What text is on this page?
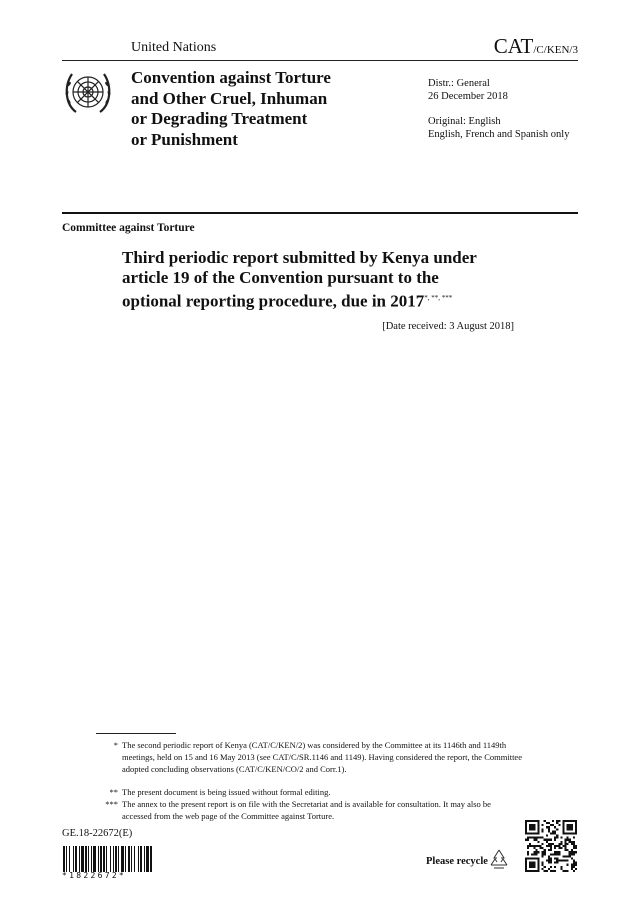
United Nations	CAT/C/KEN/3
Convention against Torture
and Other Cruel, Inhuman
or Degrading Treatment
or Punishment
Distr.: General
26 December 2018
Original: English
English, French and Spanish only
Committee against Torture
Third periodic report submitted by Kenya under
article 19 of the Convention pursuant to the
optional reporting procedure, due in 2017*, **, ***
[Date received: 3 August 2018]
* The second periodic report of Kenya (CAT/C/KEN/2) was considered by the Committee at its 1146th and 1149th meetings, held on 15 and 16 May 2013 (see CAT/C/SR.1146 and 1149). Having considered the report, the Committee adopted concluding observations (CAT/C/KEN/CO/2 and Corr.1).
** The present document is being issued without formal editing.
*** The annex to the present report is on file with the Secretariat and is available for consultation. It may also be accessed from the web page of the Committee against Torture.
GE.18-22672(E)
*1822672*
Please recycle
